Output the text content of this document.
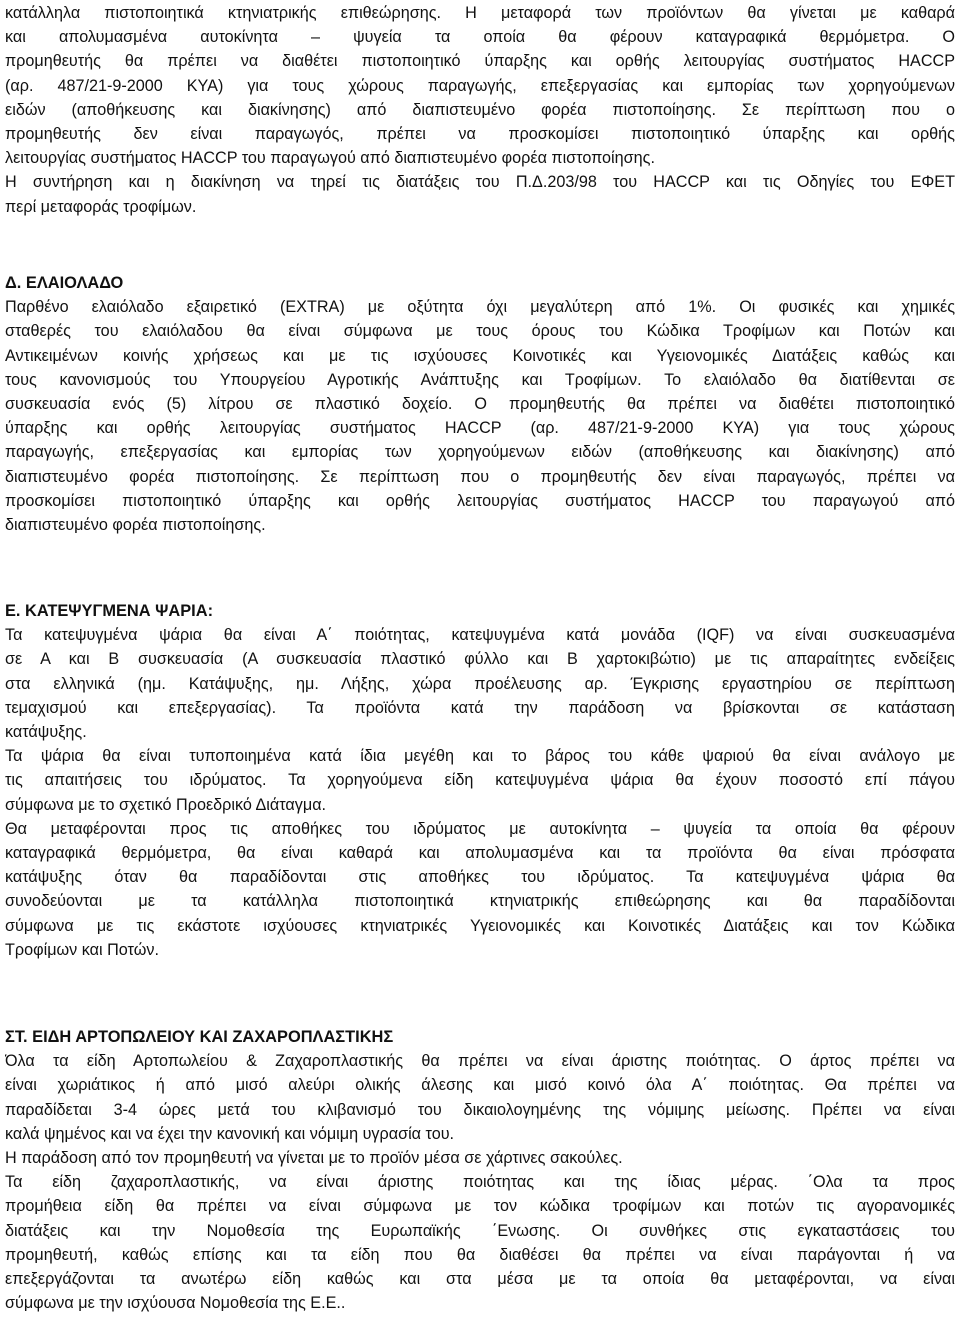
κατάλληλα πιστοποιητικά κτηνιατρικής επιθεώρησης. Η μεταφορά των προϊόντων θα γίνεται με καθαρά
και απολυμασμένα αυτοκίνητα – ψυγεία τα οποία θα φέρουν καταγραφικά θερμόμετρα. Ο
προμηθευτής θα πρέπει να διαθέτει πιστοποιητικό ύπαρξης και ορθής λειτουργίας συστήματος HACCP
(αρ. 487/21-9-2000 ΚΥΑ) για τους χώρους παραγωγής, επεξεργασίας και εμπορίας των χορηγούμενων
ειδών (αποθήκευσης και διακίνησης) από διαπιστευμένο φορέα πιστοποίησης. Σε περίπτωση που ο
προμηθευτής δεν είναι παραγωγός, πρέπει να προσκομίσει πιστοποιητικό ύπαρξης και ορθής
λειτουργίας συστήματος HACCP του παραγωγού από διαπιστευμένο φορέα πιστοποίησης.
Η συντήρηση και η διακίνηση να τηρεί τις διατάξεις του Π.Δ.203/98 του HACCP και τις Οδηγίες του ΕΦΕΤ
περί μεταφοράς τροφίμων.
Δ. ΕΛΑΙΟΛΑΔΟ
Παρθένο ελαιόλαδο εξαιρετικό (EXTRA) με οξύτητα όχι μεγαλύτερη από 1%. Οι φυσικές και χημικές
σταθερές του ελαιόλαδου θα είναι σύμφωνα με τους όρους του Κώδικα Τροφίμων και Ποτών και
Αντικειμένων κοινής χρήσεως και με τις ισχύουσες Κοινοτικές και Υγειονομικές Διατάξεις καθώς και
τους κανονισμούς του Υπουργείου Αγροτικής Ανάπτυξης και Τροφίμων. Το ελαιόλαδο θα διατίθενται σε
συσκευασία ενός (5) λίτρου σε πλαστικό δοχείο. Ο προμηθευτής θα πρέπει να διαθέτει πιστοποιητικό
ύπαρξης και ορθής λειτουργίας συστήματος HACCP (αρ. 487/21-9-2000 ΚΥΑ) για τους χώρους
παραγωγής, επεξεργασίας και εμπορίας των χορηγούμενων ειδών (αποθήκευσης και διακίνησης) από
διαπιστευμένο φορέα πιστοποίησης. Σε περίπτωση που ο προμηθευτής δεν είναι παραγωγός, πρέπει να
προσκομίσει πιστοποιητικό ύπαρξης και ορθής λειτουργίας συστήματος HACCP του παραγωγού από
διαπιστευμένο φορέα πιστοποίησης.
Ε. ΚΑΤΕΨΥΓΜΕΝΑ ΨΑΡΙΑ:
Τα κατεψυγμένα ψάρια θα είναι Α΄ ποιότητας, κατεψυγμένα κατά μονάδα (IQF) να είναι συσκευασμένα
σε Α και Β συσκευασία (Α συσκευασία πλαστικό φύλλο και Β χαρτοκιβώτιο) με τις απαραίτητες ενδείξεις
στα ελληνικά (ημ. Κατάψυξης, ημ. Λήξης, χώρα προέλευσης αρ. Έγκρισης εργαστηρίου σε περίπτωση
τεμαχισμού και επεξεργασίας). Τα προϊόντα κατά την παράδοση να βρίσκονται σε κατάσταση
κατάψυξης.
Τα ψάρια θα είναι τυποποιημένα κατά ίδια μεγέθη και το βάρος του κάθε ψαριού θα είναι ανάλογο με
τις απαιτήσεις του ιδρύματος. Τα χορηγούμενα είδη κατεψυγμένα ψάρια θα έχουν ποσοστό επί πάγου
σύμφωνα με το σχετικό Προεδρικό Διάταγμα.
Θα μεταφέρονται προς τις αποθήκες του ιδρύματος με αυτοκίνητα – ψυγεία τα οποία θα φέρουν
καταγραφικά θερμόμετρα, θα είναι καθαρά και απολυμασμένα και τα προϊόντα θα είναι πρόσφατα
κατάψυξης όταν θα παραδίδονται στις αποθήκες του ιδρύματος. Τα κατεψυγμένα ψάρια θα
συνοδεύονται με τα κατάλληλα πιστοποιητικά κτηνιατρικής επιθεώρησης και θα παραδίδονται
σύμφωνα με τις εκάστοτε ισχύουσες κτηνιατρικές Υγειονομικές και Κοινοτικές Διατάξεις και τον Κώδικα
Τροφίμων και Ποτών.
ΣΤ. ΕΙΔΗ ΑΡΤΟΠΩΛΕΙΟΥ ΚΑΙ ΖΑΧΑΡΟΠΛΑΣΤΙΚΗΣ
Όλα τα είδη Αρτοπωλείου & Ζαχαροπλαστικής θα πρέπει να είναι άριστης ποιότητας. Ο άρτος πρέπει να
είναι χωριάτικος ή από μισό αλεύρι ολικής άλεσης και μισό κοινό όλα Α΄ ποιότητας. Θα πρέπει να
παραδίδεται 3-4 ώρες μετά του κλιβανισμό του δικαιολογημένης της νόμιμης μείωσης. Πρέπει να είναι
καλά ψημένος και να έχει την κανονική και νόμιμη υγρασία του.
Η παράδοση από τον προμηθευτή να γίνεται με το προϊόν μέσα σε χάρτινες σακούλες.
Τα είδη ζαχαροπλαστικής, να είναι άριστης ποιότητας και της ίδιας μέρας. ΄Ολα τα προς
προμήθεια είδη θα πρέπει να είναι σύμφωνα με τον κώδικα τροφίμων και ποτών τις αγορανομικές
διατάξεις και την Νομοθεσία της Ευρωπαϊκής ΄Ενωσης. Οι συνθήκες στις εγκαταστάσεις του
προμηθευτή, καθώς επίσης και τα είδη που θα διαθέσει θα πρέπει να είναι παράγονται ή να
επεξεργάζονται τα ανωτέρω είδη καθώς και στα μέσα με τα οποία θα μεταφέρονται, να είναι
σύμφωνα με την ισχύουσα Νομοθεσία της Ε.Ε..
